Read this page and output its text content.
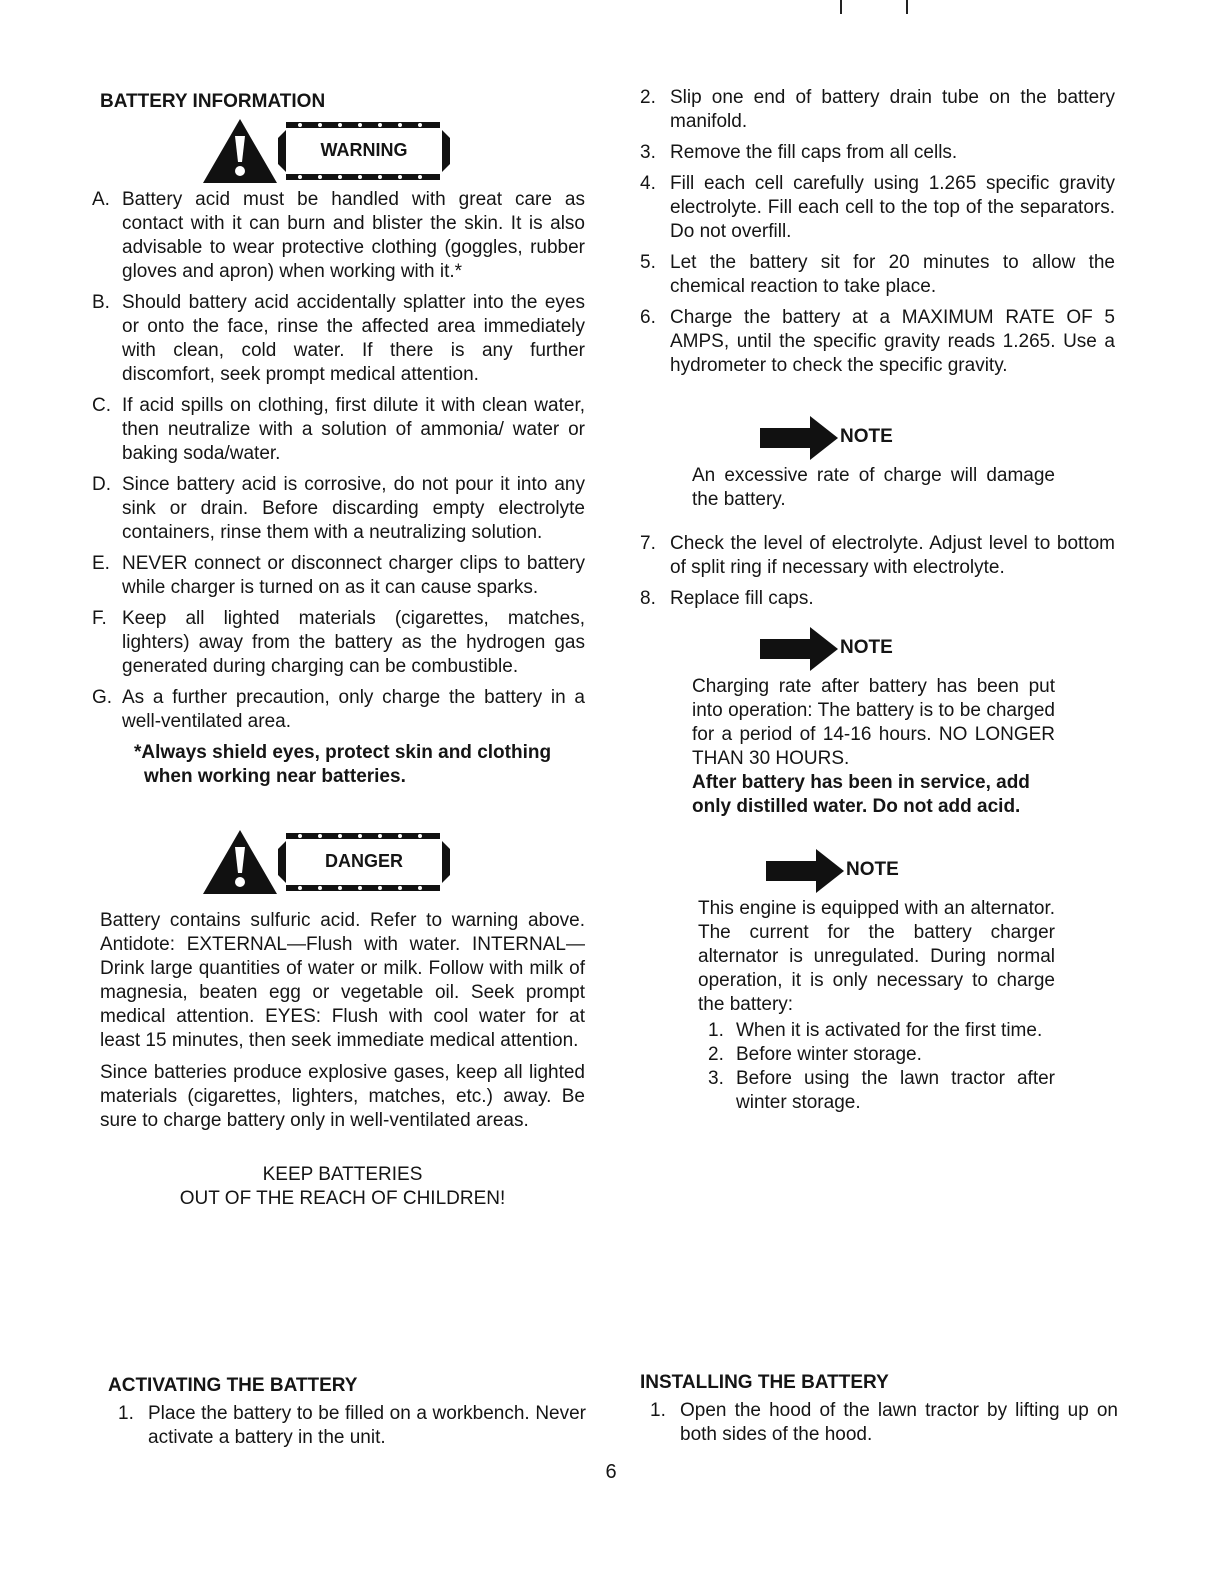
BATTERY INFORMATION
WARNING
A. Battery acid must be handled with great care as contact with it can burn and blister the skin. It is also advisable to wear protective clothing (goggles, rubber gloves and apron) when working with it.*
B. Should battery acid accidentally splatter into the eyes or onto the face, rinse the affected area immediately with clean, cold water. If there is any further discomfort, seek prompt medical attention.
C. If acid spills on clothing, first dilute it with clean water, then neutralize with a solution of ammonia/ water or baking soda/water.
D. Since battery acid is corrosive, do not pour it into any sink or drain. Before discarding empty electrolyte containers, rinse them with a neutralizing solution.
E. NEVER connect or disconnect charger clips to battery while charger is turned on as it can cause sparks.
F. Keep all lighted materials (cigarettes, matches, lighters) away from the battery as the hydrogen gas generated during charging can be combustible.
G. As a further precaution, only charge the battery in a well-ventilated area.
*Always shield eyes, protect skin and clothing when working near batteries.
DANGER
Battery contains sulfuric acid. Refer to warning above. Antidote: EXTERNAL—Flush with water. INTERNAL—Drink large quantities of water or milk. Follow with milk of magnesia, beaten egg or vegetable oil. Seek prompt medical attention. EYES: Flush with cool water for at least 15 minutes, then seek immediate medical attention.
Since batteries produce explosive gases, keep all lighted materials (cigarettes, lighters, matches, etc.) away. Be sure to charge battery only in well-ventilated areas.
KEEP BATTERIES
OUT OF THE REACH OF CHILDREN!
ACTIVATING THE BATTERY
1. Place the battery to be filled on a workbench. Never activate a battery in the unit.
2. Slip one end of battery drain tube on the battery manifold.
3. Remove the fill caps from all cells.
4. Fill each cell carefully using 1.265 specific gravity electrolyte. Fill each cell to the top of the separators. Do not overfill.
5. Let the battery sit for 20 minutes to allow the chemical reaction to take place.
6. Charge the battery at a MAXIMUM RATE OF 5 AMPS, until the specific gravity reads 1.265. Use a hydrometer to check the specific gravity.
NOTE
An excessive rate of charge will damage the battery.
7. Check the level of electrolyte. Adjust level to bottom of split ring if necessary with electrolyte.
8. Replace fill caps.
NOTE
Charging rate after battery has been put into operation: The battery is to be charged for a period of 14-16 hours. NO LONGER THAN 30 HOURS.
After battery has been in service, add only distilled water. Do not add acid.
NOTE
This engine is equipped with an alternator. The current for the battery charger alternator is unregulated. During normal operation, it is only necessary to charge the battery:
1. When it is activated for the first time.
2. Before winter storage.
3. Before using the lawn tractor after winter storage.
INSTALLING THE BATTERY
1. Open the hood of the lawn tractor by lifting up on both sides of the hood.
6
